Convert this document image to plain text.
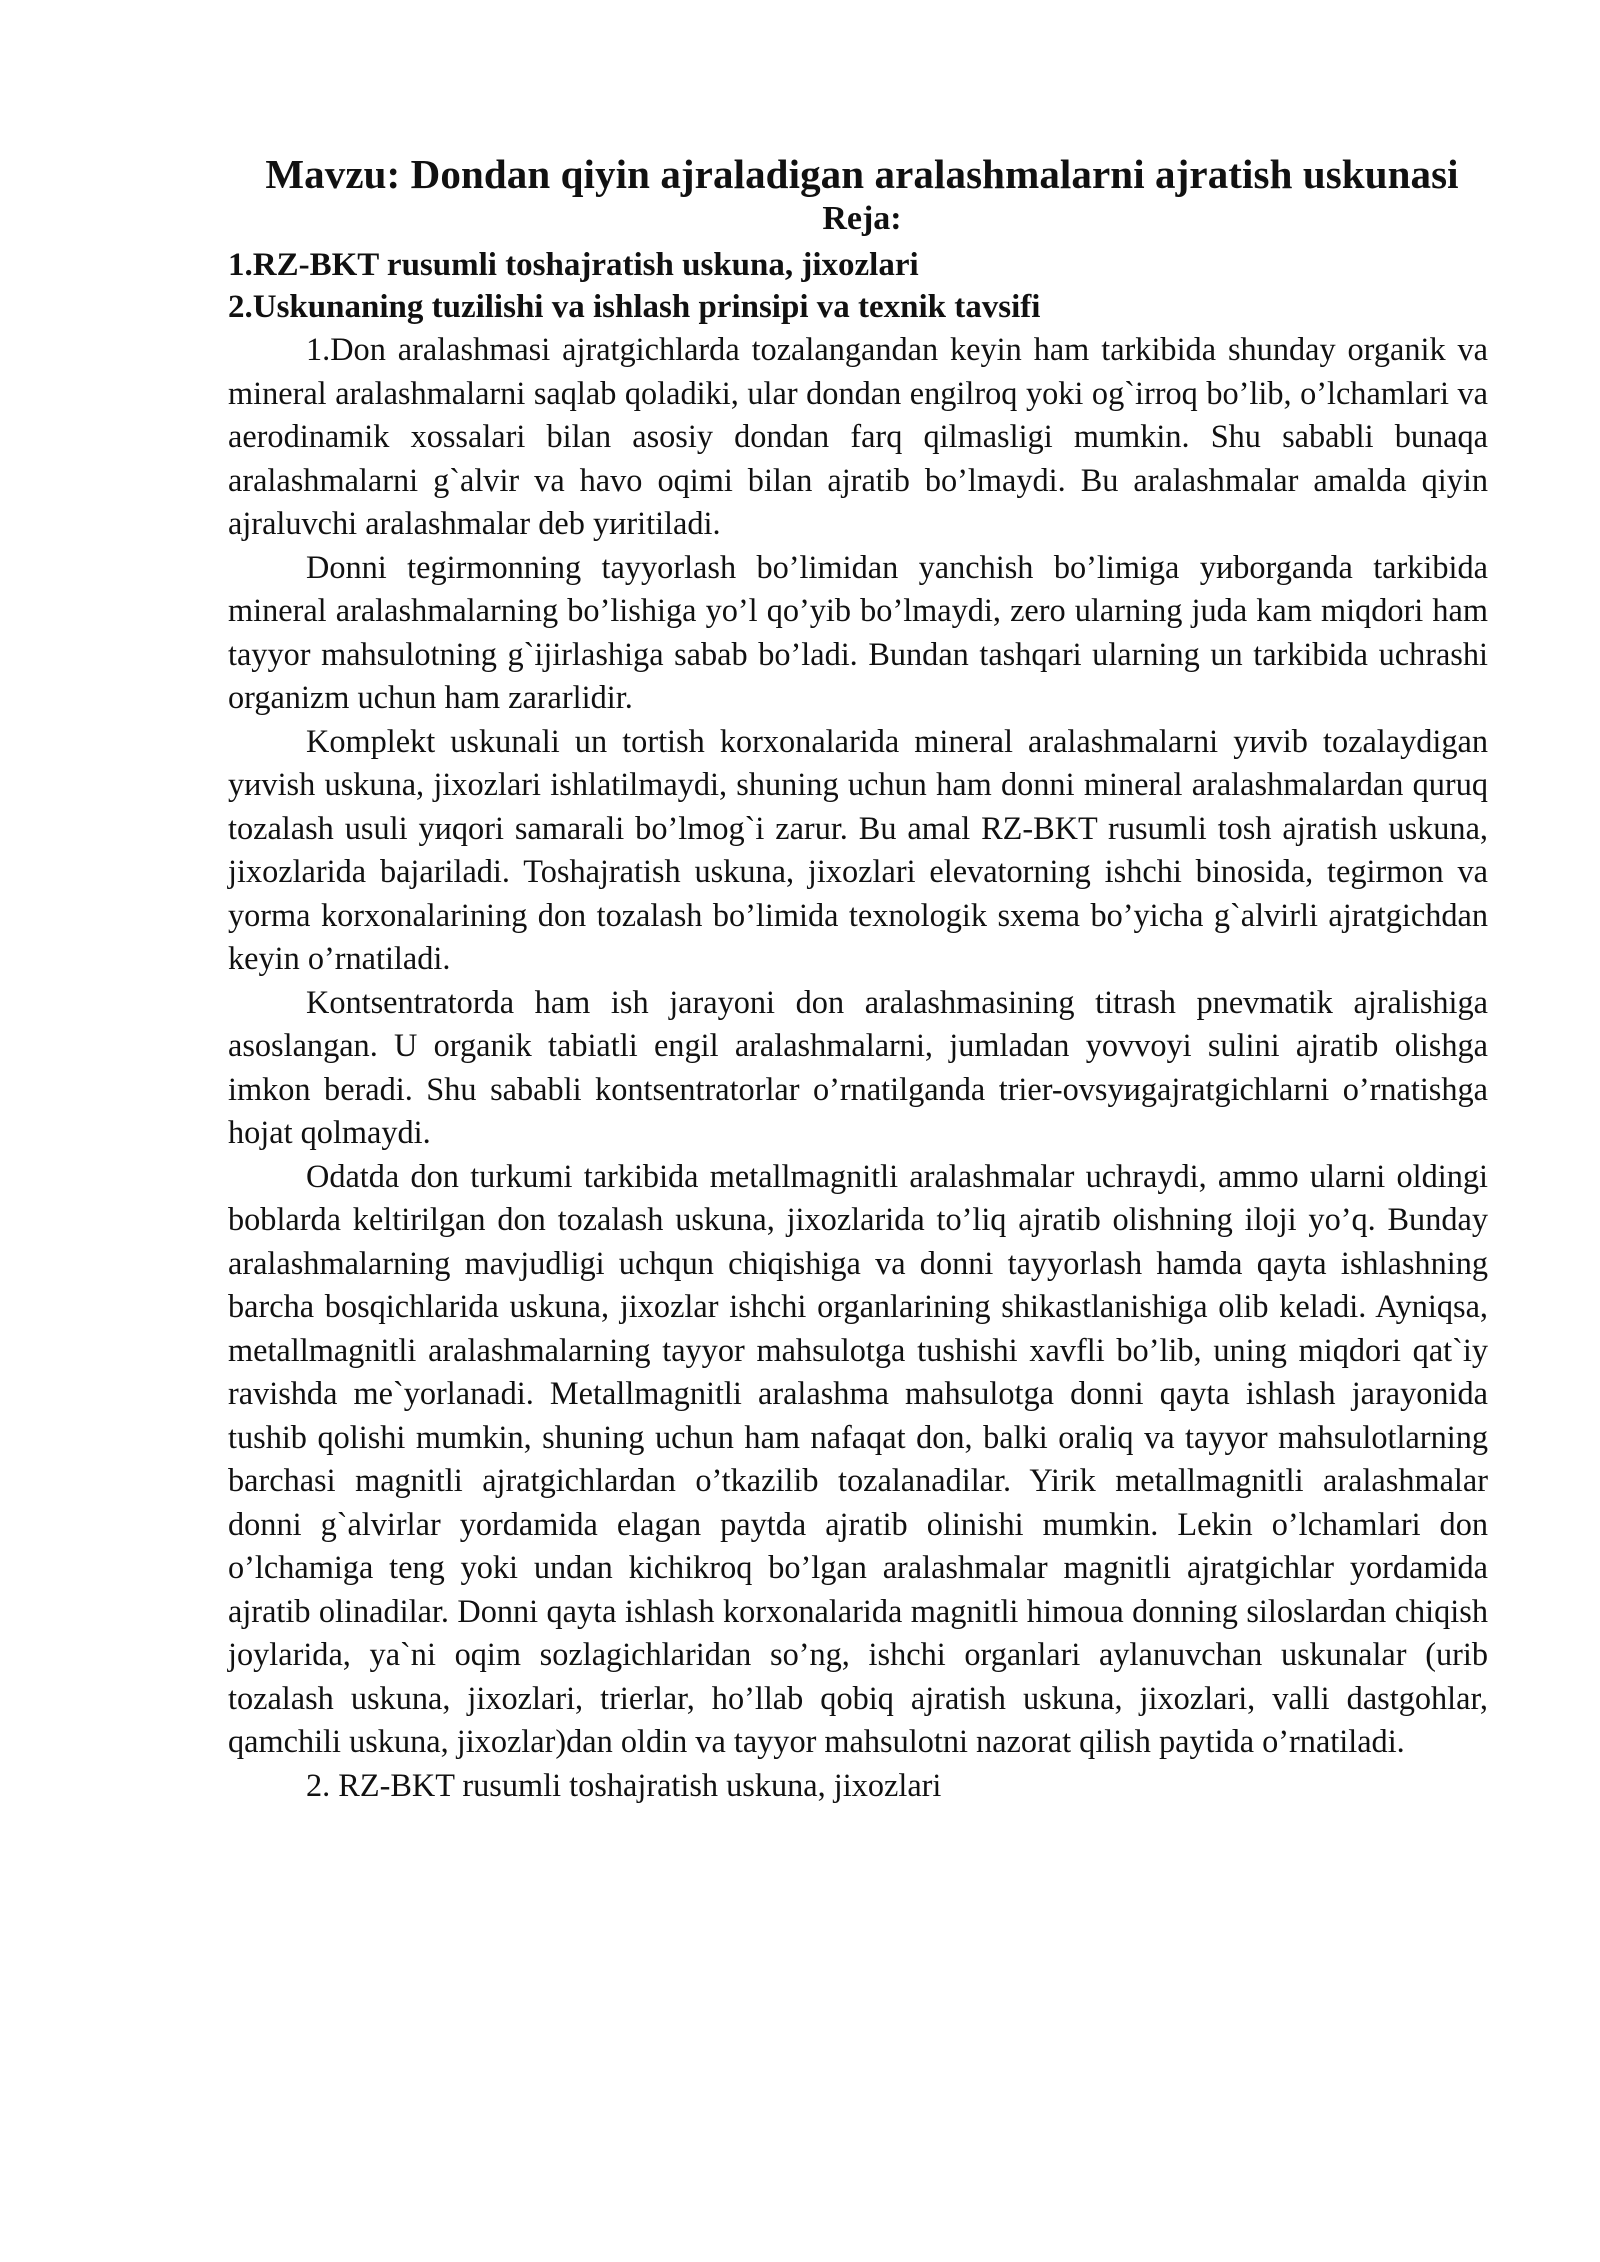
Mavzu: Dondan qiyin ajraladigan aralashmalarni ajratish uskunasi
Reja:
1.RZ-BKT rusumli toshajratish uskuna, jixozlari
2.Uskunaning tuzilishi va ishlash prinsipi va texnik tavsifi

1.Don aralashmasi ajratgichlarda tozalangandan keyin ham tarkibida shunday organik va mineral aralashmalarni saqlab qoladiki, ular dondan engilroq yoki og`irroq bo’lib, o’lchamlari va aerodinamik xossalari bilan asosiy dondan farq qilmasligi mumkin. Shu sababli bunaqa aralashmalarni g`alvir va havo oqimi bilan ajratib bo’lmaydi. Bu aralashmalar amalda qiyin ajraluvchi aralashmalar deb yиritiladi.

Donni tegirmonning tayyorlash bo’limidan yanchish bo’limiga yиborganda tarkibida mineral aralashmalarning bo’lishiga yo’l qo’yib bo’lmaydi, zero ularning juda kam miqdori ham tayyor mahsulotning g`ijirlashiga sabab bo’ladi. Bundan tashqari ularning un tarkibida uchrashi organizm uchun ham zararlidir.

Komplekt uskunali un tortish korxonalarida mineral aralashmalarni yиvib tozalaydigan yиvish uskuna, jixozlari ishlatilmaydi, shuning uchun ham donni mineral aralashmalardan quruq tozalash usuli yиqori samarali bo’lmog`i zarur. Bu amal RZ-BKT rusumli tosh ajratish uskuna, jixozlarida bajariladi. Toshajratish uskuna, jixozlari elevatorning ishchi binosida, tegirmon va yorma korxonalarining don tozalash bo’limida texnologik sxema bo’yicha g`alvirli ajratgichdan keyin o’rnatiladi.

Kontsentratorda ham ish jarayoni don aralashmasining titrash pnevmatik ajralishiga asoslangan. U organik tabiatli engil aralashmalarni, jumladan yovvoyi sulini ajratib olishga imkon beradi. Shu sababli kontsentratorlar o’rnatilganda trier-ovsyиgajratgichlarni o’rnatishga hojat qolmaydi.

Odatda don turkumi tarkibida metallmagnitli aralashmalar uchraydi, ammo ularni oldingi boblarda keltirilgan don tozalash uskuna, jixozlarida to’liq ajratib olishning iloji yo’q. Bunday aralashmalarning mavjudligi uchqun chiqishiga va donni tayyorlash hamda qayta ishlashning barcha bosqichlarida uskuna, jixozlar ishchi organlarining shikastlanishiga olib keladi. Ayniqsa, metallmagnitli aralashmalarning tayyor mahsulotga tushishi xavfli bo’lib, uning miqdori qat`iy ravishda me`yorlanadi. Metallmagnitli aralashma mahsulotga donni qayta ishlash jarayonida tushib qolishi mumkin, shuning uchun ham nafaqat don, balki oraliq va tayyor mahsulotlarning barchasi magnitli ajratgichlardan o’tkazilib tozalanadilar. Yirik metallmagnitli aralashmalar donni g`alvirlar yordamida elagan paytda ajratib olinishi mumkin. Lekin o’lchamlari don o’lchamiga teng yoki undan kichikroq bo’lgan aralashmalar magnitli ajratgichlar yordamida ajratib olinadilar. Donni qayta ishlash korxonalarida magnitli himoua donning siloslardan chiqish joylarida, ya`ni oqim sozlagichlaridan so’ng, ishchi organlari aylanuvchan uskunalar (urib tozalash uskuna, jixozlari, trierlar, ho’llab qobiq ajratish uskuna, jixozlari, valli dastgohlar, qamchili uskuna, jixozlar)dan oldin va tayyor mahsulotni nazorat qilish paytida o’rnatiladi.

2. RZ-BKT rusumli toshajratish uskuna, jixozlari
